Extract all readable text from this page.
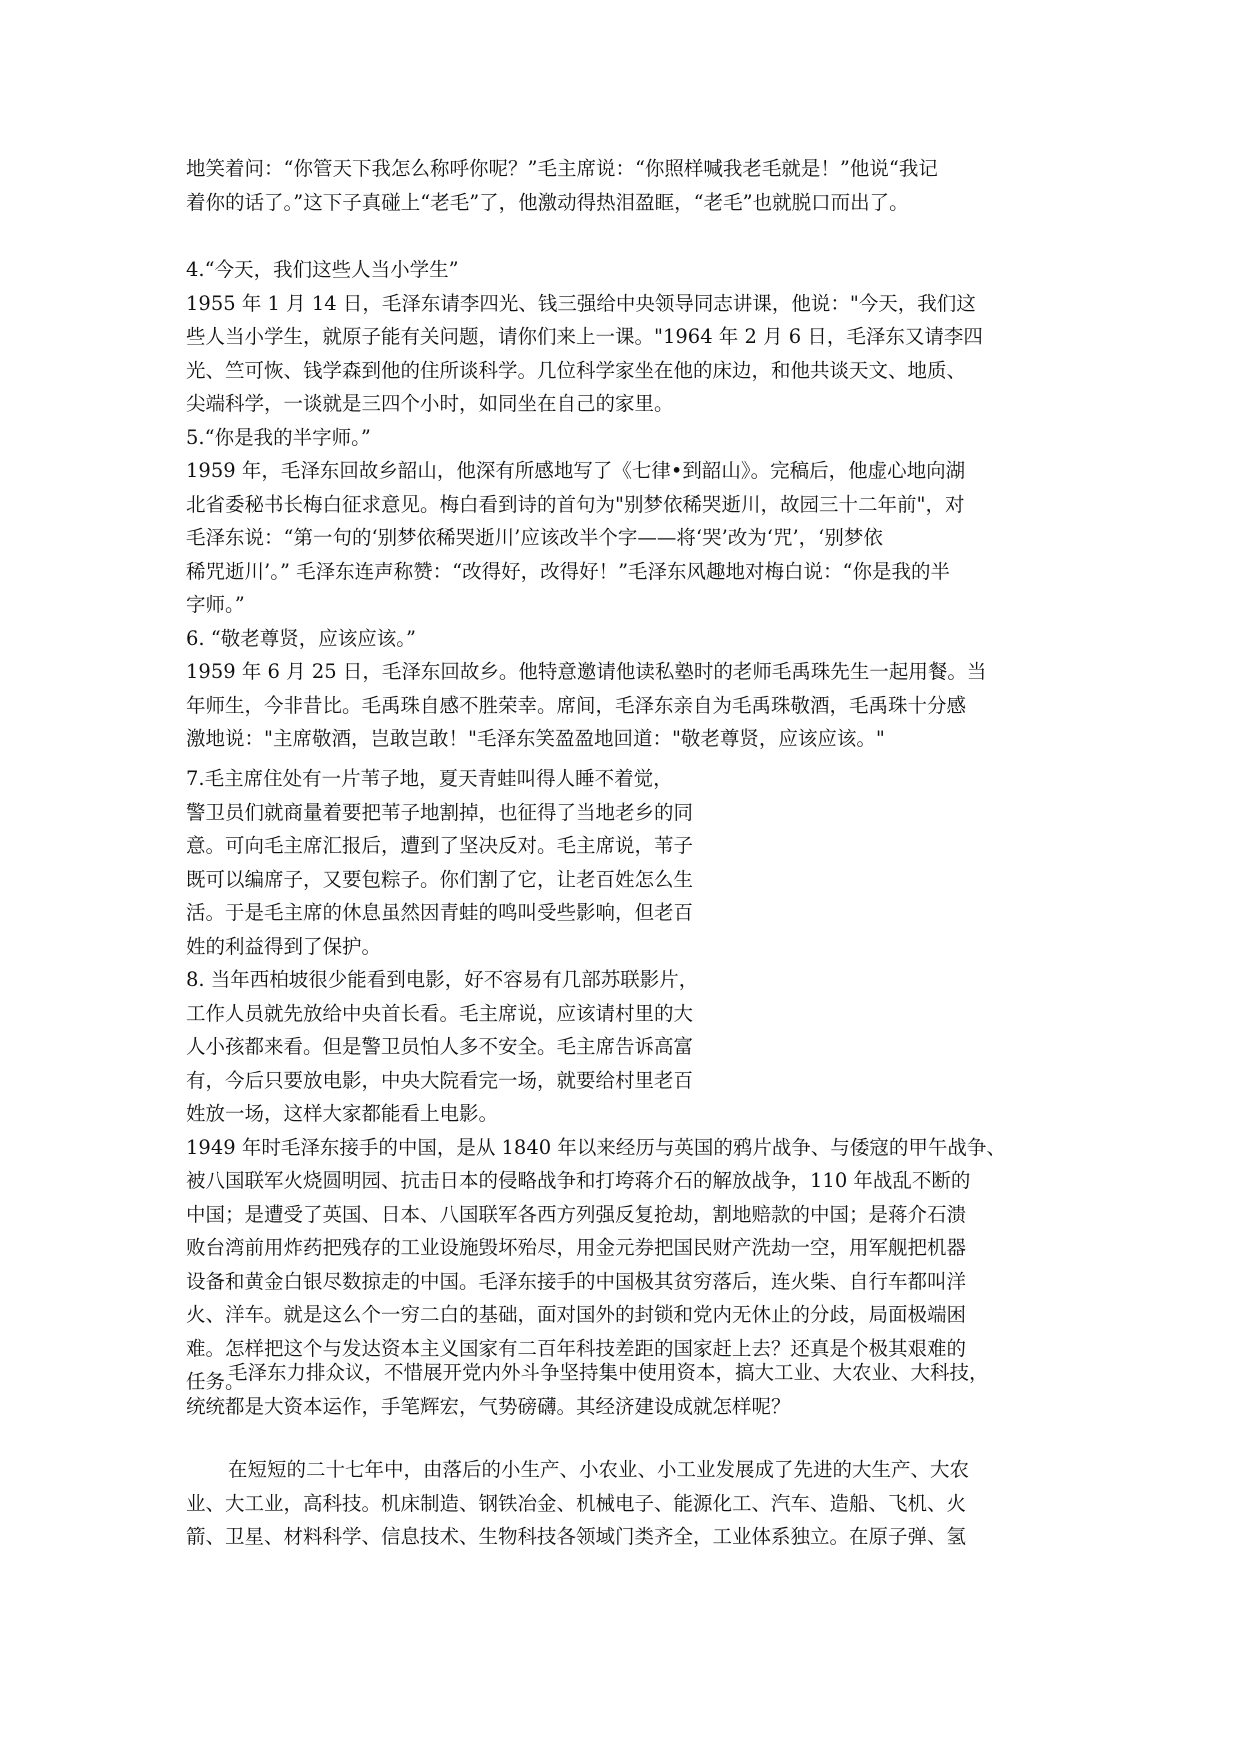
地笑着问：“你管天下我怎么称呼你呢？”毛主席说：“你照样喊我老毛就是！”他说“我记
着你的话了。”这下子真碰上“老毛”了，他激动得热泪盈眶，“老毛”也就脱口而出了。
4.“今天，我们这些人当小学生”
1955 年 1 月 14 日，毛泽东请李四光、钱三强给中央领导同志讲课，他说："今天，我们这
些人当小学生，就原子能有关问题，请你们来上一课。"1964 年 2 月 6 日，毛泽东又请李四
光、竺可恢、钱学森到他的住所谈科学。几位科学家坐在他的床边，和他共谈天文、地质、
尖端科学，一谈就是三四个小时，如同坐在自己的家里。
5.“你是我的半字师。”
1959 年，毛泽东回故乡韶山，他深有所感地写了《七律•到韶山》。完稿后，他虚心地向湖
北省委秘书长梅白征求意见。梅白看到诗的首句为"别梦依稀哭逝川，故园三十二年前"，对
毛泽东说：“第一句的‘别梦依稀哭逝川’应该改半个字——将‘哭’改为‘咒’，‘别梦依
稀咒逝川’。” 毛泽东连声称赞：“改得好，改得好！”毛泽东风趣地对梅白说：“你是我的半
字师。”
6. “敬老尊贤，应该应该。”
1959 年 6 月 25 日，毛泽东回故乡。他特意邀请他读私塾时的老师毛禹珠先生一起用餐。当
年师生，今非昔比。毛禹珠自感不胜荣幸。席间，毛泽东亲自为毛禹珠敬酒，毛禹珠十分感
激地说："主席敬酒，岂敢岂敢！"毛泽东笑盈盈地回道："敬老尊贤，应该应该。"
7.毛主席住处有一片苇子地，夏天青蛙叫得人睡不着觉，
警卫员们就商量着要把苇子地割掉，也征得了当地老乡的同
意。可向毛主席汇报后，遭到了坚决反对。毛主席说，苇子
既可以编席子，又要包粽子。你们割了它，让老百姓怎么生
活。于是毛主席的休息虽然因青蛙的鸣叫受些影响，但老百
姓的利益得到了保护。
8. 当年西柏坡很少能看到电影，好不容易有几部苏联影片，
工作人员就先放给中央首长看。毛主席说，应该请村里的大
人小孩都来看。但是警卫员怕人多不安全。毛主席告诉高富
有，今后只要放电影，中央大院看完一场，就要给村里老百
姓放一场，这样大家都能看上电影。
1949 年时毛泽东接手的中国，是从 1840 年以来经历与英国的鸦片战争、与倭寇的甲午战争、
被八国联军火烧圆明园、抗击日本的侵略战争和打垮蒋介石的解放战争，110 年战乱不断的
中国；是遭受了英国、日本、八国联军各西方列强反复抢劫，割地赔款的中国；是蒋介石溃
败台湾前用炸药把残存的工业设施毁坏殆尽，用金元券把国民财产洗劫一空，用军舰把机器
设备和黄金白银尽数掠走的中国。毛泽东接手的中国极其贫穷落后，连火柴、自行车都叫洋
火、洋车。就是这么个一穷二白的基础，面对国外的封锁和党内无休止的分歧，局面极端困
难。怎样把这个与发达资本主义国家有二百年科技差距的国家赶上去？还真是个极其艰难的
任务。
毛泽东力排众议，不惜展开党内外斗争坚持集中使用资本，搞大工业、大农业、大科技，
统统都是大资本运作，手笔辉宏，气势磅礴。其经济建设成就怎样呢？
在短短的二十七年中，由落后的小生产、小农业、小工业发展成了先进的大生产、大农
业、大工业，高科技。机床制造、钢铁冶金、机械电子、能源化工、汽车、造船、飞机、火
箭、卫星、材料科学、信息技术、生物科技各领域门类齐全，工业体系独立。在原子弹、氢
